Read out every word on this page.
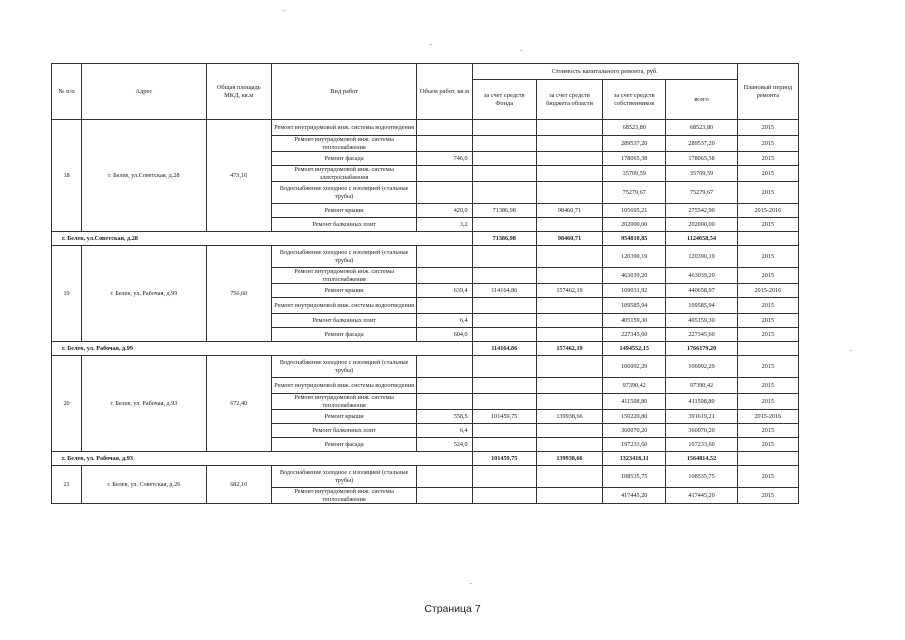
№ п/п	Адрес	Общая площадь МКД, кв.м	Вид работ	Объем работ, кв.м	Стоимость капитального ремонта, руб.				Плановый период ремонта
					за счет средств Фонда	за счет средств бюджета области	за счет средств собственников	всего	
18	г. Белев, ул.Советская, д.28	473,10	Ремонт внутридомовой инж. системы водоотведения				68523,80	68523,80	2015
			Ремонт внутридомовой инж. системы теплоснабжения				289537,20	289537,20	2015
			Ремонт фасада	746,0			178065,38	178065,38	2015
			Ремонт внутридомовой инж. системы электроснабжения				35709,59	35709,59	2015
			Водоснабжение холодное с изоляцией (стальные трубы)				75279,67	75279,67	2015
			Ремонт крыши	420,0	71386,98	98460,71	105695,21	275542,90	2015-2016
			Ремонт балконных плит	3,2			202000,00	202000,00	2015
г. Белев, ул.Советская, д.28					71386,98	98460,71	954810,85	1124658,54	
19	г. Белев, ул. Рабочая, д.99	756,60	Водоснабжение холодное с изоляцией (стальные трубы)				120390,19	120390,19	2015
			Ремонт внутридомовой инж. системы теплоснабжения				463039,20	463039,20	2015
			Ремонт крыши	639,4	114164,86	157462,19	169031,92	440658,97	2015-2016
			Ремонт внутридомовой инж. системы водоотведения				109585,94	109585,94	2015
			Ремонт балконных плит	6,4			405159,30	405159,30	2015
			Ремонт фасада	604,0			227345,60	227345,60	2015
г. Белев, ул. Рабочая, д.99					114164,86	157462,19	1494552,15	1766179,20	
20	г. Белев, ул. Рабочая, д.93	672,40	Водоснабжение холодное с изоляцией (стальные трубы)				106992,29	106992,29	2015
			Ремонт внутридомовой инж. системы водоотведения				97390,42	97390,42	2015
			Ремонт внутридомовой инж. системы теплоснабжения				411508,80	411508,80	2015
			Ремонт крыши	558,5	101459,75	139938,66	150220,80	391619,21	2015-2016
			Ремонт балконных плит	6,4			360070,20	360070,20	2015
			Ремонт фасада	524,0			197233,60	197233,60	2015
г. Белев, ул. Рабочая, д.93					101459,75	139938,66	1323416,11	1564814,52	
21	г. Белев, ул. Советская, д.26	682,10	Водоснабжение холодное с изоляцией (стальные трубы)				108535,75	108535,75	2015
			Ремонт внутридомовой инж. системы теплоснабжения				417445,20	417445,20	2015
Страница 7
